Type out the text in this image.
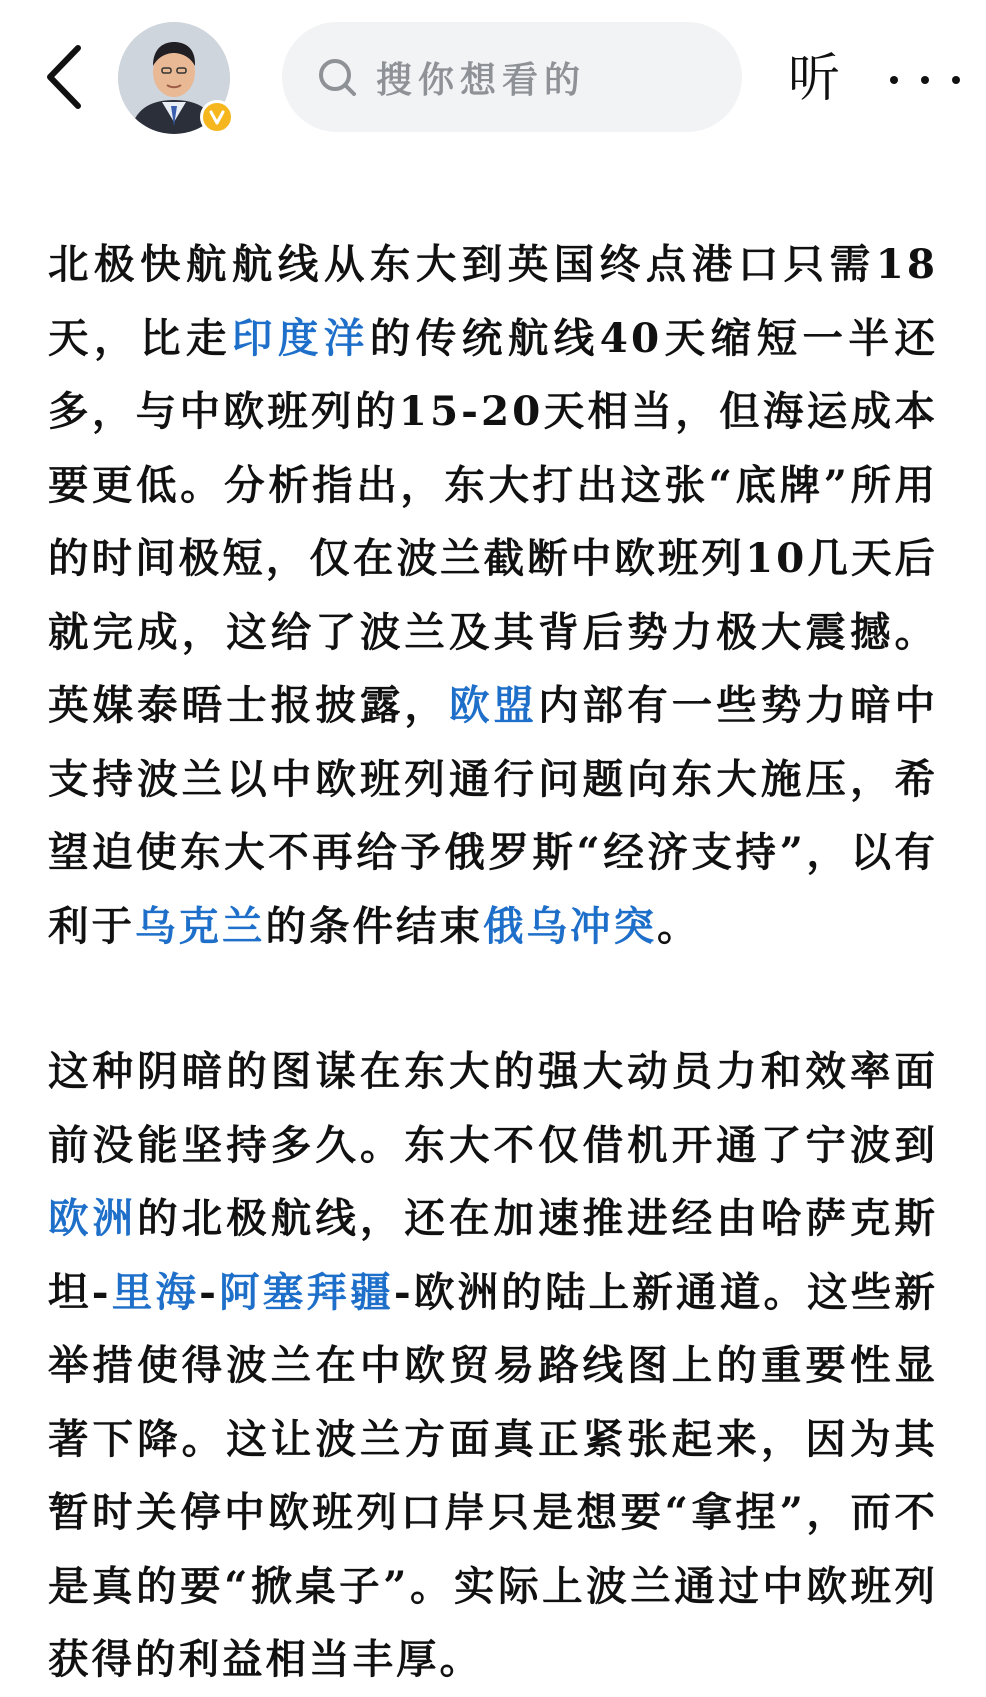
搜你想看的	听

北极快航航线从东大到英国终点港口只需18天，比走印度洋的传统航线40天缩短一半还多，与中欧班列的15-20天相当，但海运成本要更低。分析指出，东大打出这张“底牌”所用的时间极短，仅在波兰截断中欧班列10几天后就完成，这给了波兰及其背后势力极大震撼。英媒泰晤士报披露，欧盟内部有一些势力暗中支持波兰以中欧班列通行问题向东大施压，希望迫使东大不再给予俄罗斯“经济支持”，以有利于乌克兰的条件结束俄乌冲突。

这种阴暗的图谋在东大的强大动员力和效率面前没能坚持多久。东大不仅借机开通了宁波到欧洲的北极航线，还在加速推进经由哈萨克斯坦-里海-阿塞拜疆-欧洲的陆上新通道。这些新举措使得波兰在中欧贸易路线图上的重要性显著下降。这让波兰方面真正紧张起来，因为其暂时关停中欧班列口岸只是想要“拿捏”，而不是真的要“掀桌子”。实际上波兰通过中欧班列获得的利益相当丰厚。
